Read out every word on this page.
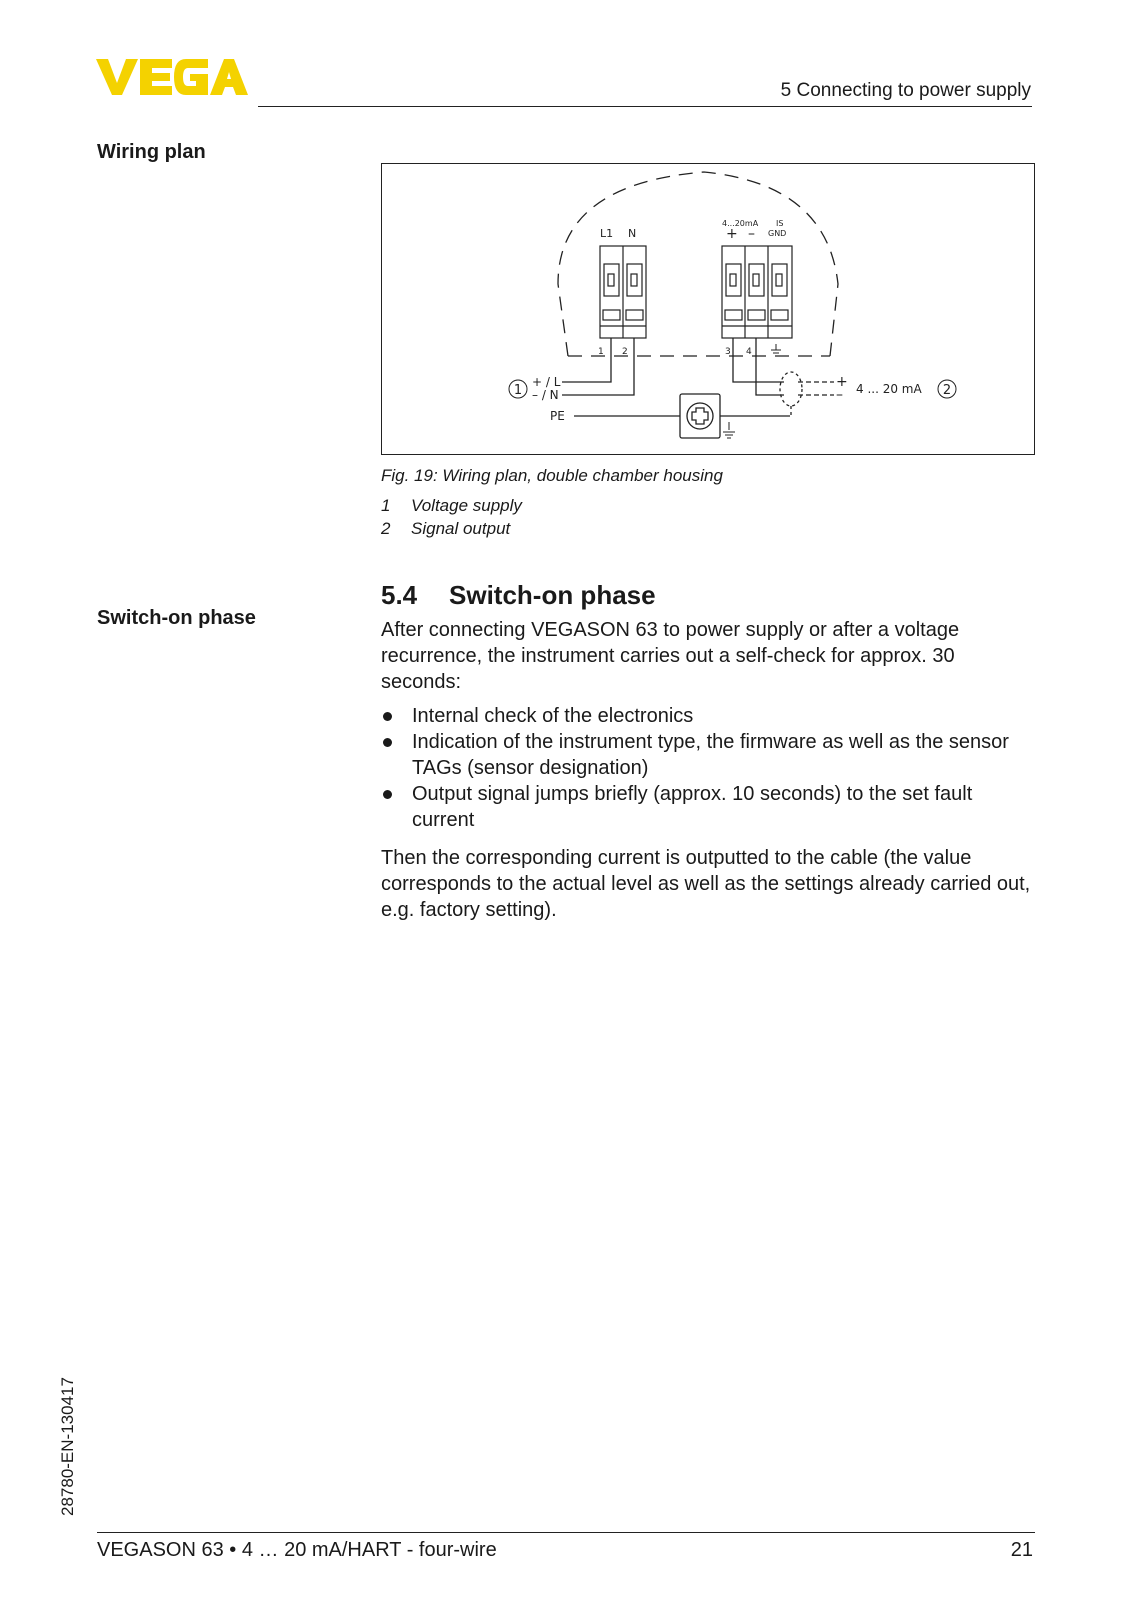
5 Connecting to power supply
Wiring plan
L1 N
1 2
4...20mA IS
GND
+ –
3 4
+ / L
– / N
PE
1
+
– 4 ... 20 mA 2
Fig. 19: Wiring plan, double chamber housing
1	Voltage supply
2	Signal output
5.4 Switch-on phase
Switch-on phase

After connecting VEGASON 63 to power supply or after a voltage recurrence, the instrument carries out a self-check for approx. 30 seconds:

Internal check of the electronics
Indication of the instrument type, the firmware as well as the sensor TAGs (sensor designation)
Output signal jumps briefly (approx. 10 seconds) to the set fault current

Then the corresponding current is outputted to the cable (the value corresponds to the actual level as well as the settings already carried out, e.g. factory setting).

28780-EN-130417
VEGASON 63 • 4 … 20 mA/HART - four-wire	21
